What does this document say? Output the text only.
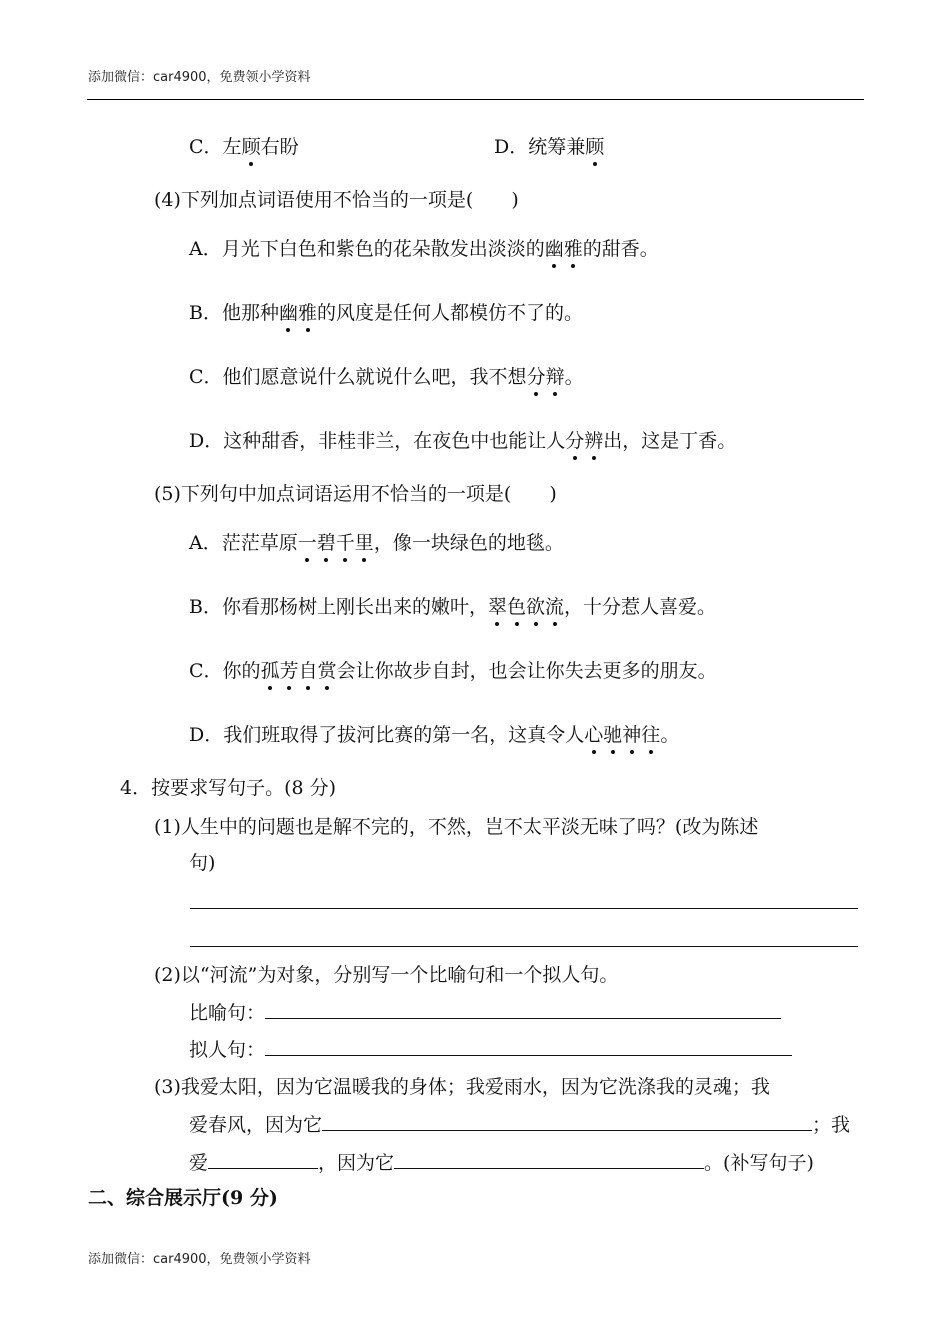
添加微信：car4900，免费领小学资料
C．左顾右盼	D．统筹兼顾
(4)下列加点词语使用不恰当的一项是(　　)
A．月光下白色和紫色的花朵散发出淡淡的幽雅的甜香。
B．他那种幽雅的风度是任何人都模仿不了的。
C．他们愿意说什么就说什么吧，我不想分辩。
D．这种甜香，非桂非兰，在夜色中也能让人分辨出，这是丁香。
(5)下列句中加点词语运用不恰当的一项是(　　)
A．茫茫草原一碧千里，像一块绿色的地毯。
B．你看那杨树上刚长出来的嫩叶，翠色欲流，十分惹人喜爱。
C．你的孤芳自赏会让你故步自封，也会让你失去更多的朋友。
D．我们班取得了拔河比赛的第一名，这真令人心驰神往。
4．按要求写句子。(8 分)
(1)人生中的问题也是解不完的，不然，岂不太平淡无味了吗？(改为陈述
句)
(2)以“河流”为对象，分别写一个比喻句和一个拟人句。
比喻句：
拟人句：
(3)我爱太阳，因为它温暖我的身体；我爱雨水，因为它洗涤我的灵魂；我
爱春风，因为它	；我
爱	，因为它	。(补写句子)
二、综合展示厅(9 分)
添加微信：car4900，免费领小学资料
